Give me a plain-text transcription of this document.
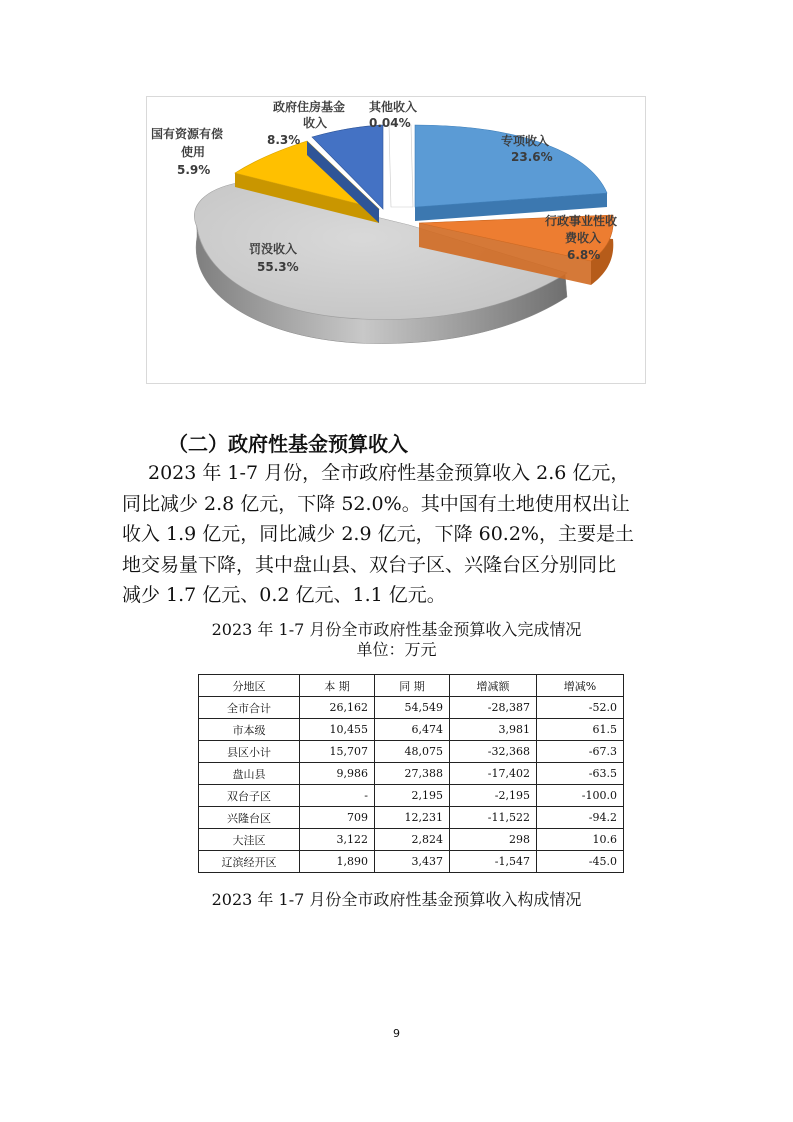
政府住房基金
收入
8.3%
其他收入
0.04%
国有资源有偿
使用
5.9%
专项收入
23.6%
行政事业性收
费收入
6.8%
罚没收入
55.3%
（二）政府性基金预算收入

2023 年 1-7 月份，全市政府性基金预算收入 2.6 亿元，

同比减少 2.8 亿元，下降 52.0%。其中国有土地使用权出让

收入 1.9 亿元，同比减少 2.9 亿元，下降 60.2%，主要是土

地交易量下降，其中盘山县、双台子区、兴隆台区分别同比

减少 1.7 亿元、0.2 亿元、1.1 亿元。

2023 年 1-7 月份全市政府性基金预算收入完成情况
单位：万元
分地区	本 期	同 期	增减额	增减%
全市合计	26,162	54,549	-28,387	-52.0
市本级	10,455	6,474	3,981	61.5
县区小计	15,707	48,075	-32,368	-67.3
盘山县	9,986	27,388	-17,402	-63.5
双台子区	-	2,195	-2,195	-100.0
兴隆台区	709	12,231	-11,522	-94.2
大洼区	3,122	2,824	298	10.6
辽滨经开区	1,890	3,437	-1,547	-45.0
2023 年 1-7 月份全市政府性基金预算收入构成情况
9
